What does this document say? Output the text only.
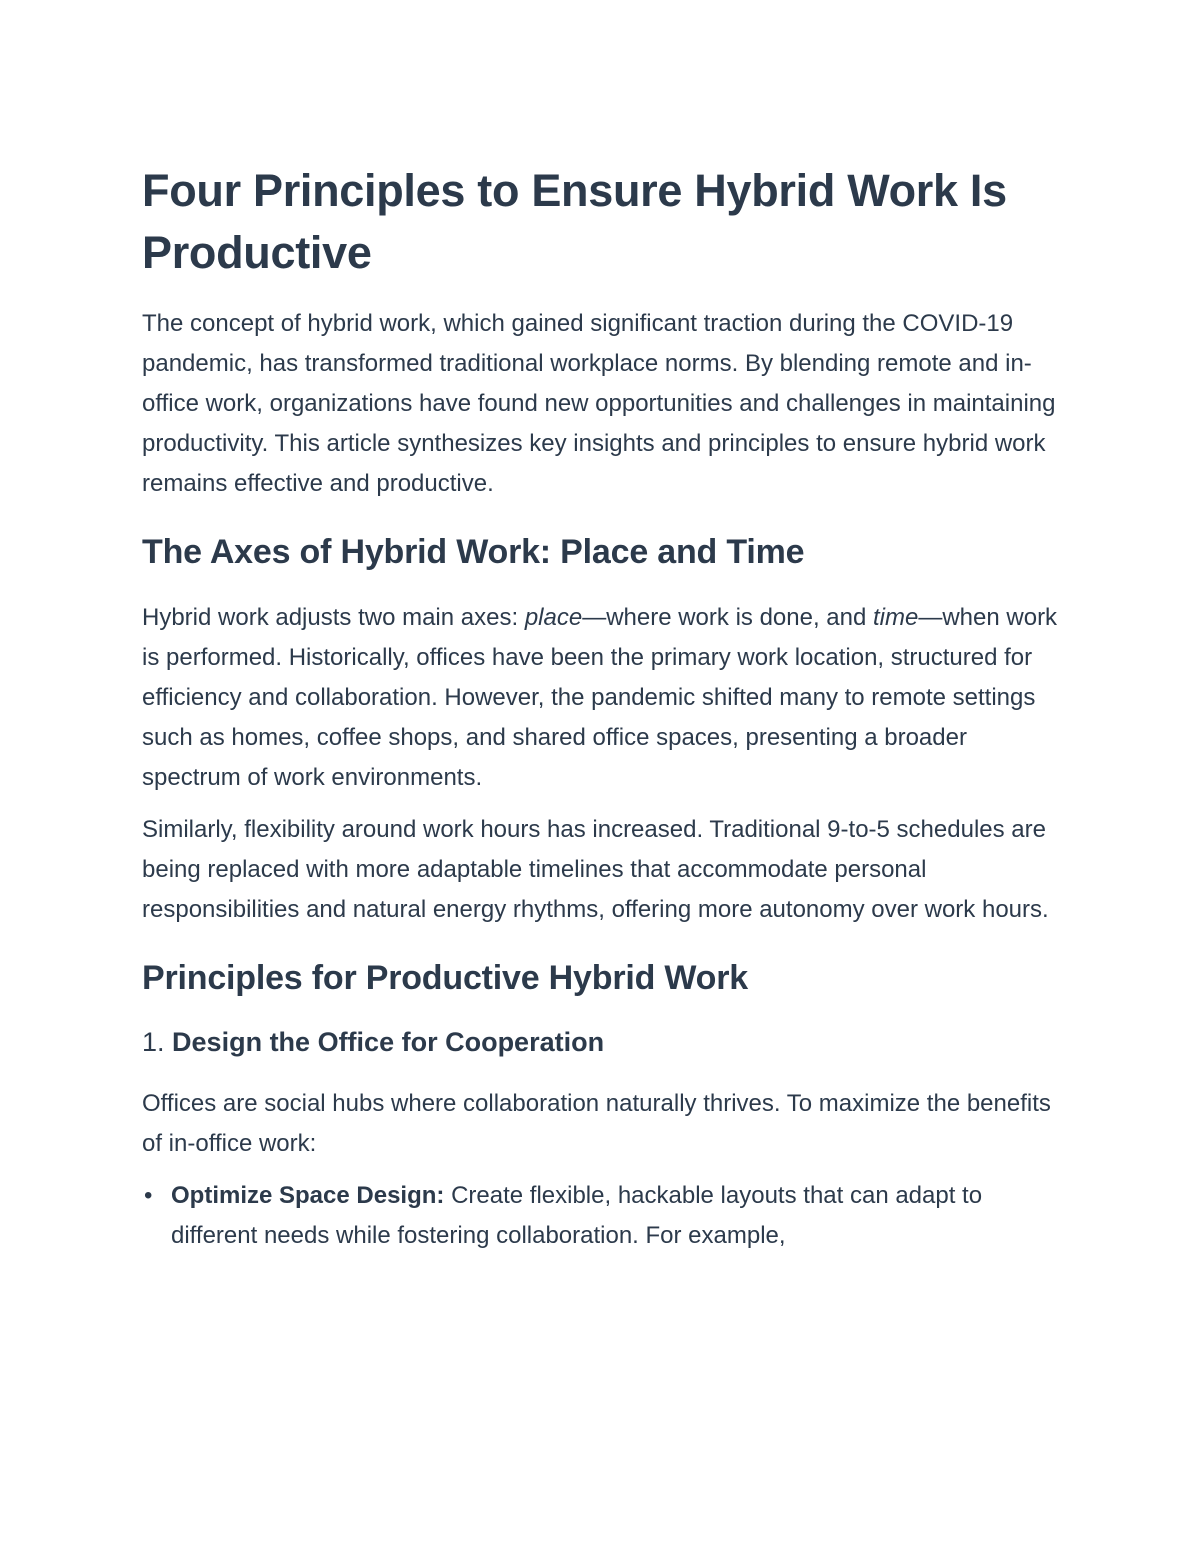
Four Principles to Ensure Hybrid Work Is Productive

The concept of hybrid work, which gained significant traction during the COVID-19 pandemic, has transformed traditional workplace norms. By blending remote and in-office work, organizations have found new opportunities and challenges in maintaining productivity. This article synthesizes key insights and principles to ensure hybrid work remains effective and productive.

The Axes of Hybrid Work: Place and Time

Hybrid work adjusts two main axes: place—where work is done, and time—when work is performed. Historically, offices have been the primary work location, structured for efficiency and collaboration. However, the pandemic shifted many to remote settings such as homes, coffee shops, and shared office spaces, presenting a broader spectrum of work environments.

Similarly, flexibility around work hours has increased. Traditional 9-to-5 schedules are being replaced with more adaptable timelines that accommodate personal responsibilities and natural energy rhythms, offering more autonomy over work hours.

Principles for Productive Hybrid Work
1. Design the Office for Cooperation

Offices are social hubs where collaboration naturally thrives. To maximize the benefits of in-office work:

• Optimize Space Design: Create flexible, hackable layouts that can adapt to different needs while fostering collaboration. For example,
